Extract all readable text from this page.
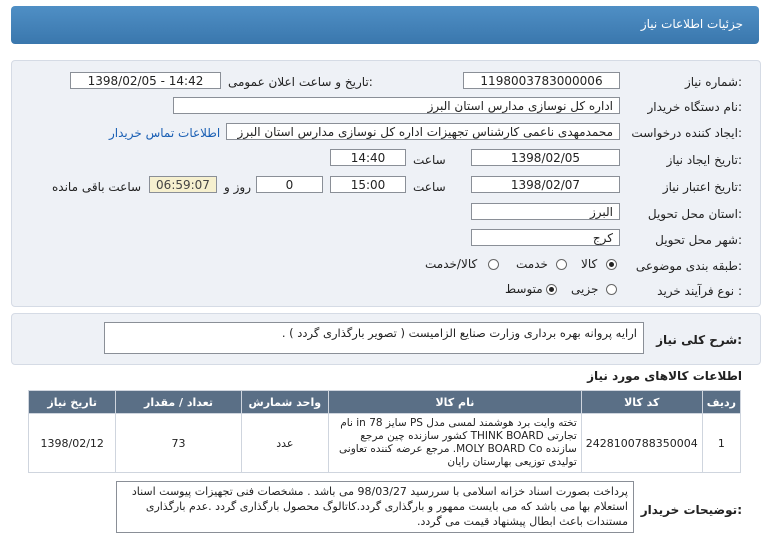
جزئیات اطلاعات نیاز
شماره نیاز:
1198003783000006
تاریخ و ساعت اعلان عمومی:
1398/02/05 - 14:42
نام دستگاه خریدار:
اداره کل نوسازی مدارس استان البرز
ایجاد کننده درخواست:
محمدمهدی ناعمی کارشناس تجهیزات اداره کل نوسازی مدارس استان البرز
اطلاعات تماس خریدار
تاریخ ایجاد نیاز:
1398/02/05
ساعت
14:40
تاریخ اعتبار نیاز:
1398/02/07
ساعت
15:00
0
روز و
06:59:07
ساعت باقی مانده
استان محل تحویل:
البرز
شهر محل تحویل:
کرج
طبقه بندی موضوعی:
کالا
خدمت
کالا/خدمت
نوع فرآیند خرید :
جزیی
متوسط
شرح کلی نیاز:
ارایه پروانه بهره برداری وزارت صنایع الزامیست ( تصویر بارگذاری گردد ) .
اطلاعات کالاهای مورد نیاز
تاریخ نیاز	تعداد / مقدار	واحد شمارش	نام کالا	کد کالا	ردیف
1398/02/12	73	عدد	تخته وایت برد هوشمند لمسی مدل PS سایز 78 in نام تجارتی THINK BOARD کشور سازنده چین مرجع سازنده MOLY BOARD Co. مرجع عرضه کننده تعاونی تولیدی توزیعی بهارستان رایان	2428100788350004	1
توضیحات خریدار:
پرداخت بصورت اسناد خزانه اسلامی با سررسید 98/03/27 می باشد . مشخصات فنی تجهیزات پیوست اسناد استعلام بها می باشد که می بایست ممهور و بارگذاری گردد.کاتالوگ محصول بارگذاری گردد .عدم بارگذاری مستندات باعث ابطال پیشنهاد قیمت می گردد.
